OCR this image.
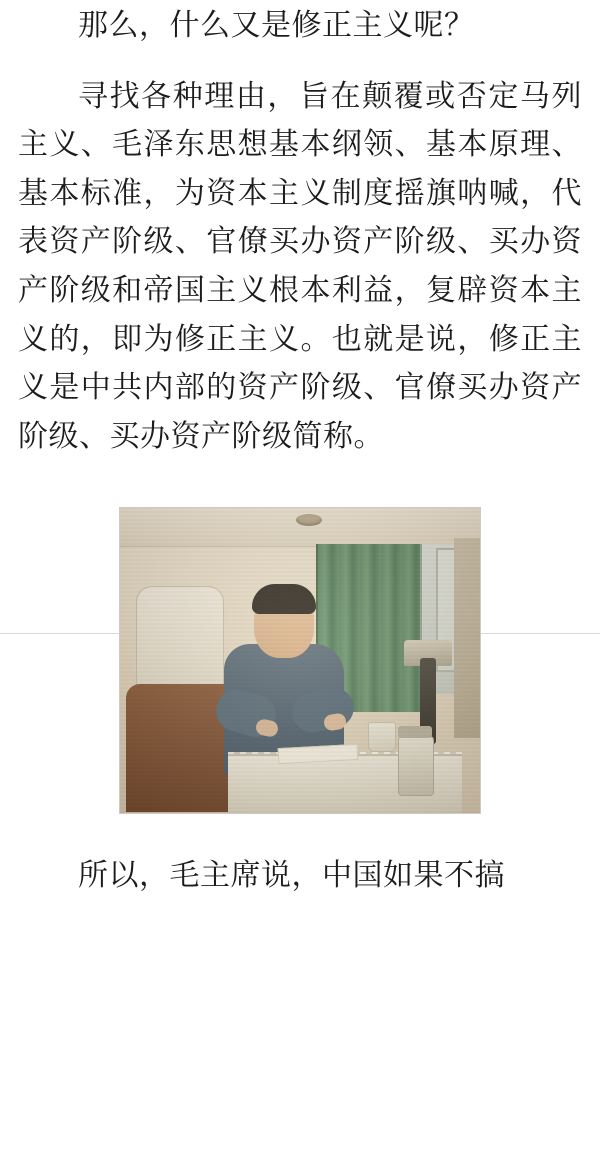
那么，什么又是修正主义呢？

寻找各种理由，旨在颠覆或否定马列主义、毛泽东思想基本纲领、基本原理、基本标准，为资本主义制度摇旗呐喊，代表资产阶级、官僚买办资产阶级、买办资产阶级和帝国主义根本利益，复辟资本主义的，即为修正主义。也就是说，修正主义是中共内部的资产阶级、官僚买办资产阶级、买办资产阶级简称。

所以，毛主席说，中国如果不搞
